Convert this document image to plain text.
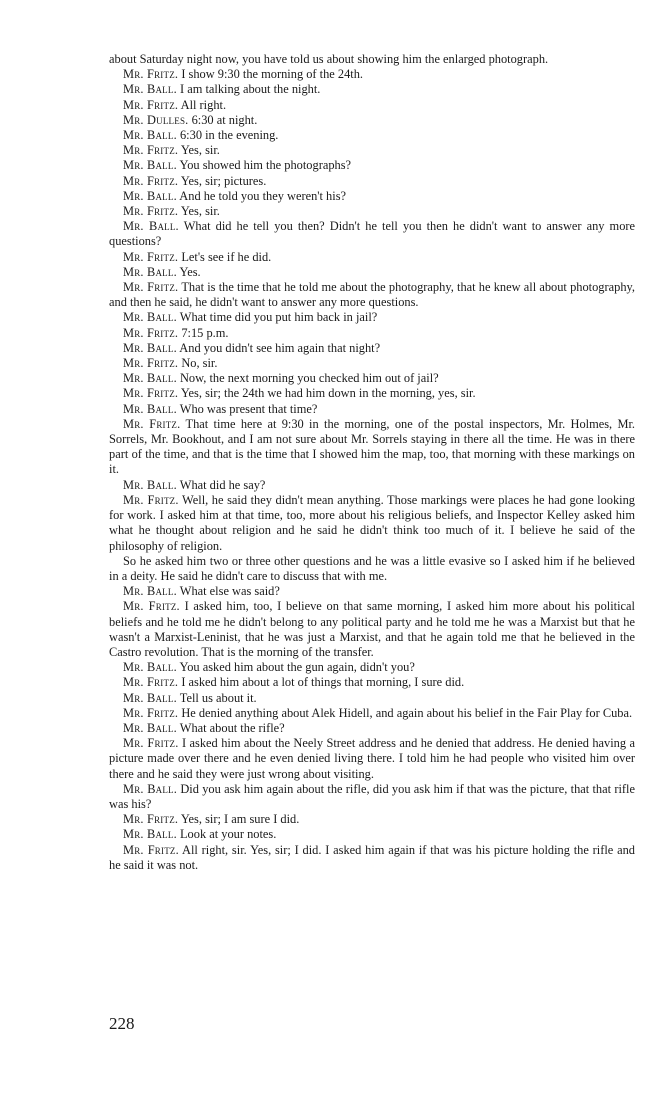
about Saturday night now, you have told us about showing him the enlarged photograph.

Mr. Fritz. I show 9:30 the morning of the 24th.

Mr. Ball. I am talking about the night.

Mr. Fritz. All right.

Mr. Dulles. 6:30 at night.

Mr. Ball. 6:30 in the evening.

Mr. Fritz. Yes, sir.

Mr. Ball. You showed him the photographs?

Mr. Fritz. Yes, sir; pictures.

Mr. Ball. And he told you they weren't his?

Mr. Fritz. Yes, sir.

Mr. Ball. What did he tell you then? Didn't he tell you then he didn't want to answer any more questions?

Mr. Fritz. Let's see if he did.

Mr. Ball. Yes.

Mr. Fritz. That is the time that he told me about the photography, that he knew all about photography, and then he said, he didn't want to answer any more questions.

Mr. Ball. What time did you put him back in jail?

Mr. Fritz. 7:15 p.m.

Mr. Ball. And you didn't see him again that night?

Mr. Fritz. No, sir.

Mr. Ball. Now, the next morning you checked him out of jail?

Mr. Fritz. Yes, sir; the 24th we had him down in the morning, yes, sir.

Mr. Ball. Who was present that time?

Mr. Fritz. That time here at 9:30 in the morning, one of the postal inspectors, Mr. Holmes, Mr. Sorrels, Mr. Bookhout, and I am not sure about Mr. Sorrels staying in there all the time. He was in there part of the time, and that is the time that I showed him the map, too, that morning with these markings on it.

Mr. Ball. What did he say?

Mr. Fritz. Well, he said they didn't mean anything. Those markings were places he had gone looking for work. I asked him at that time, too, more about his religious beliefs, and Inspector Kelley asked him what he thought about religion and he said he didn't think too much of it. I believe he said of the philosophy of religion.

So he asked him two or three other questions and he was a little evasive so I asked him if he believed in a deity. He said he didn't care to discuss that with me.

Mr. Ball. What else was said?

Mr. Fritz. I asked him, too, I believe on that same morning, I asked him more about his political beliefs and he told me he didn't belong to any political party and he told me he was a Marxist but that he wasn't a Marxist-Leninist, that he was just a Marxist, and that he again told me that he believed in the Castro revolution. That is the morning of the transfer.

Mr. Ball. You asked him about the gun again, didn't you?

Mr. Fritz. I asked him about a lot of things that morning, I sure did.

Mr. Ball. Tell us about it.

Mr. Fritz. He denied anything about Alek Hidell, and again about his belief in the Fair Play for Cuba.

Mr. Ball. What about the rifle?

Mr. Fritz. I asked him about the Neely Street address and he denied that address. He denied having a picture made over there and he even denied living there. I told him he had people who visited him over there and he said they were just wrong about visiting.

Mr. Ball. Did you ask him again about the rifle, did you ask him if that was the picture, that that rifle was his?

Mr. Fritz. Yes, sir; I am sure I did.

Mr. Ball. Look at your notes.

Mr. Fritz. All right, sir. Yes, sir; I did. I asked him again if that was his picture holding the rifle and he said it was not.

228
